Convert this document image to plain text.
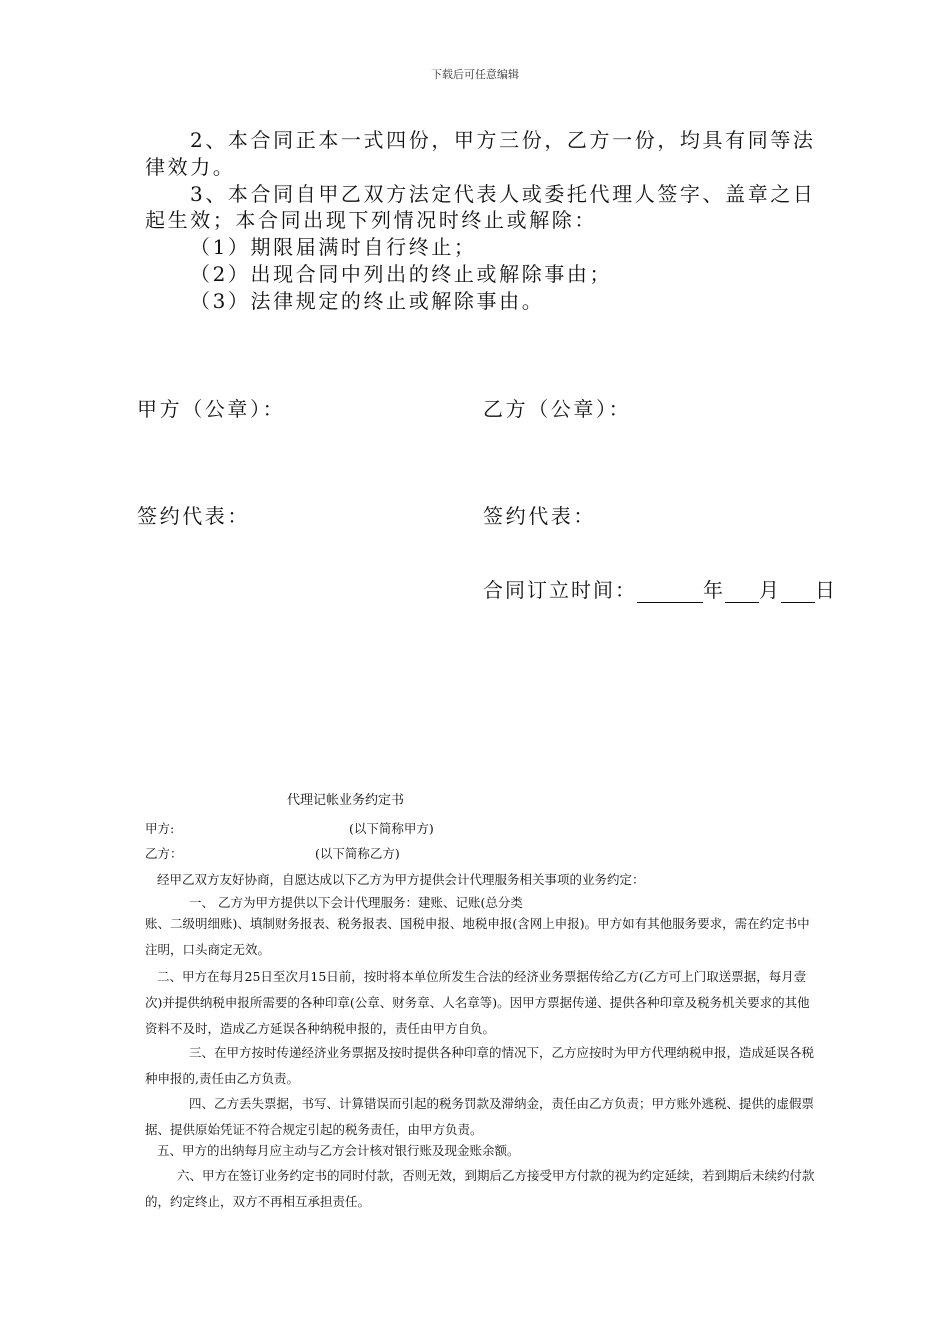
下载后可任意编辑
2、本合同正本一式四份，甲方三份，乙方一份，均具有同等法
律效力。
3、本合同自甲乙双方法定代表人或委托代理人签字、盖章之日
起生效；本合同出现下列情况时终止或解除：
（1）期限届满时自行终止；
（2）出现合同中列出的终止或解除事由；
（3）法律规定的终止或解除事由。
甲方（公章）：	乙方（公章）：
签约代表：	签约代表：
合同订立时间：	年 月 日
代理记帐业务约定书
甲方:	(以下简称甲方)
乙方：	(以下简称乙方)
经甲乙双方友好协商，自愿达成以下乙方为甲方提供会计代理服务相关事项的业务约定：
一、 乙方为甲方提供以下会计代理服务：建账、记账(总分类
账、二级明细账)、填制财务报表、税务报表、国税申报、地税申报(含网上申报)。甲方如有其他服务要求，需在约定书中注明，口头商定无效。
二、甲方在每月25日至次月15日前，按时将本单位所发生合法的经济业务票据传给乙方(乙方可上门取送票据，每月壹次)并提供纳税申报所需要的各种印章(公章、财务章、人名章等)。因甲方票据传递、提供各种印章及税务机关要求的其他资料不及时，造成乙方延误各种纳税申报的，责任由甲方自负。
三、在甲方按时传递经济业务票据及按时提供各种印章的情况下，乙方应按时为甲方代理纳税申报，造成延误各税种申报的,责任由乙方负责。
四、乙方丢失票据，书写、计算错误而引起的税务罚款及滞纳金，责任由乙方负责；甲方账外逃税、提供的虚假票据、提供原始凭证不符合规定引起的税务责任，由甲方负责。
五、甲方的出纳每月应主动与乙方会计核对银行账及现金账余额。
六、甲方在签订业务约定书的同时付款，否则无效，到期后乙方接受甲方付款的视为约定延续，若到期后未续约付款的，约定终止，双方不再相互承担责任。
